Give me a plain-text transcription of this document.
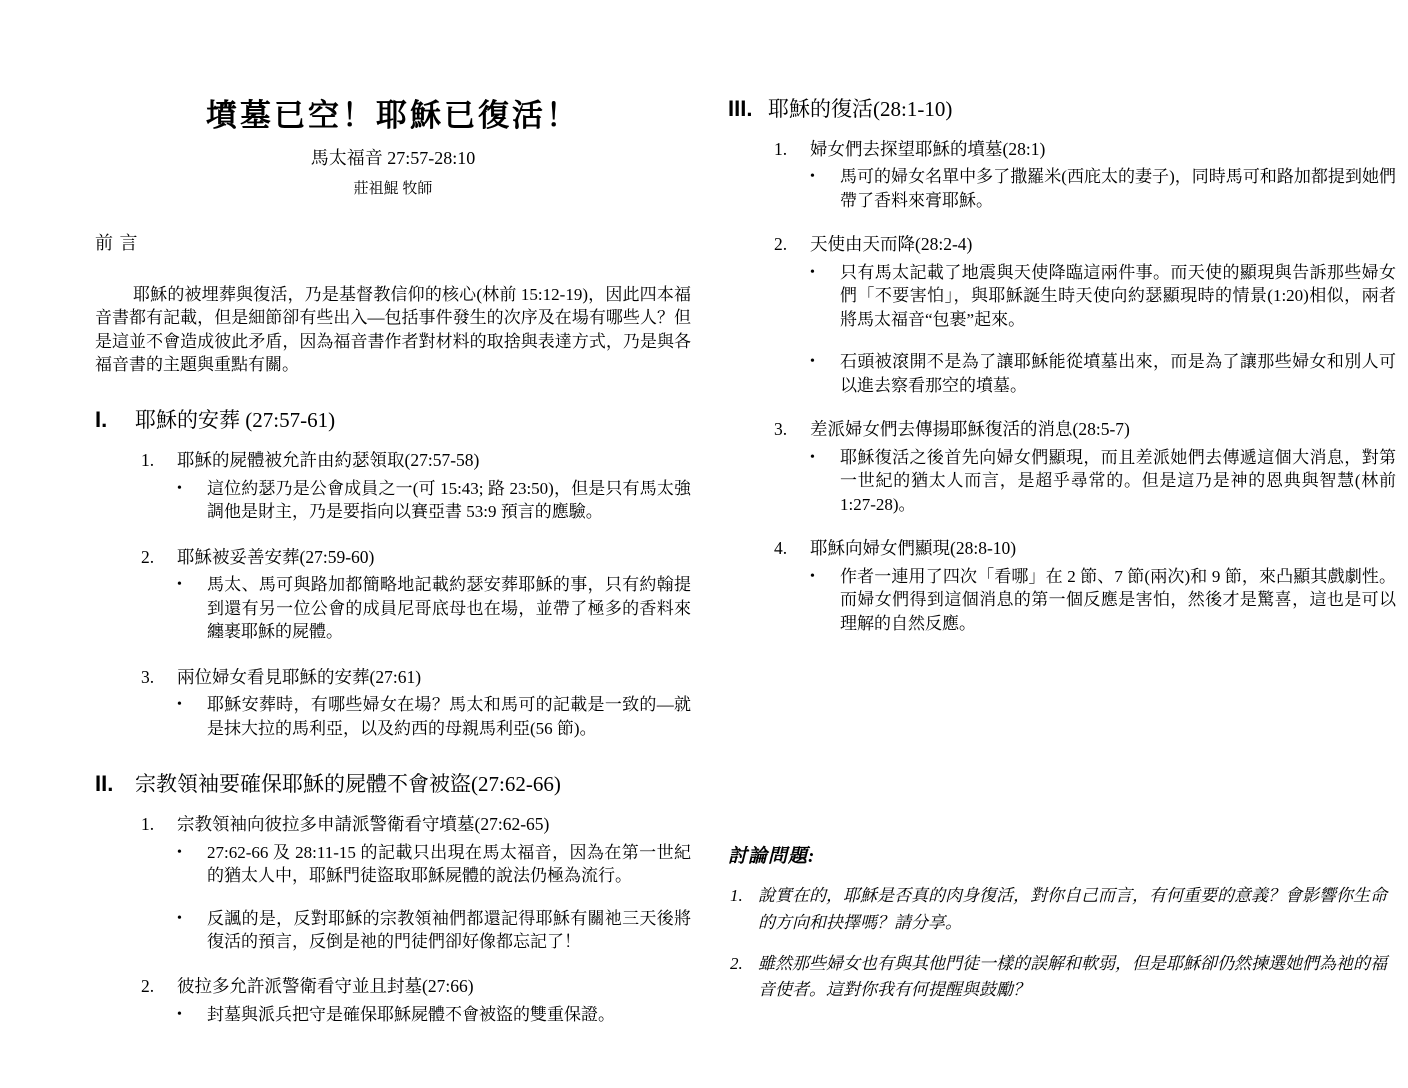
墳墓已空！耶穌已復活！
馬太福音 27:57-28:10
莊祖鯤 牧師
前 言
耶穌的被埋葬與復活，乃是基督教信仰的核心(林前 15:12-19)，因此四本福音書都有記載，但是細節卻有些出入—包括事件發生的次序及在場有哪些人？但是這並不會造成彼此矛盾，因為福音書作者對材料的取捨與表達方式，乃是與各福音書的主題與重點有關。
I.	耶穌的安葬 (27:57-61)
1.	耶穌的屍體被允許由約瑟領取(27:57-58)
•	這位約瑟乃是公會成員之一(可 15:43; 路 23:50)，但是只有馬太強調他是財主，乃是要指向以賽亞書 53:9 預言的應驗。
2.	耶穌被妥善安葬(27:59-60)
•	馬太、馬可與路加都簡略地記載約瑟安葬耶穌的事，只有約翰提到還有另一位公會的成員尼哥底母也在場，並帶了極多的香料來纏裹耶穌的屍體。
3.	兩位婦女看見耶穌的安葬(27:61)
•	耶穌安葬時，有哪些婦女在場？馬太和馬可的記載是一致的—就是抹大拉的馬利亞，以及約西的母親馬利亞(56 節)。
II.	宗教領袖要確保耶穌的屍體不會被盜(27:62-66)
1.	宗教領袖向彼拉多申請派警衛看守墳墓(27:62-65)
•	27:62-66 及 28:11-15 的記載只出現在馬太福音，因為在第一世紀的猶太人中，耶穌門徒盜取耶穌屍體的說法仍極為流行。
•	反諷的是，反對耶穌的宗教領袖們都還記得耶穌有關祂三天後將復活的預言，反倒是祂的門徒們卻好像都忘記了！
2.	彼拉多允許派警衛看守並且封墓(27:66)
•	封墓與派兵把守是確保耶穌屍體不會被盜的雙重保證。
III. 耶穌的復活(28:1-10)
1.	婦女們去探望耶穌的墳墓(28:1)
•	馬可的婦女名單中多了撒羅米(西庇太的妻子)，同時馬可和路加都提到她們帶了香料來膏耶穌。
2.	天使由天而降(28:2-4)
•	只有馬太記載了地震與天使降臨這兩件事。而天使的顯現與告訴那些婦女們「不要害怕」，與耶穌誕生時天使向約瑟顯現時的情景(1:20)相似，兩者將馬太福音“包裹”起來。
•	石頭被滾開不是為了讓耶穌能從墳墓出來，而是為了讓那些婦女和別人可以進去察看那空的墳墓。
3.	差派婦女們去傳揚耶穌復活的消息(28:5-7)
•	耶穌復活之後首先向婦女們顯現，而且差派她們去傳遞這個大消息，對第一世紀的猶太人而言，是超乎尋常的。但是這乃是神的恩典與智慧(林前 1:27-28)。
4.	耶穌向婦女們顯現(28:8-10)
•	作者一連用了四次「看哪」在 2 節、7 節(兩次)和 9 節，來凸顯其戲劇性。 而婦女們得到這個消息的第一個反應是害怕，然後才是驚喜，這也是可以理解的自然反應。
討論問題:
1. 說實在的，耶穌是否真的肉身復活，對你自己而言，有何重要的意義？會影響你生命的方向和抉擇嗎？請分享。
2. 雖然那些婦女也有與其他門徒一樣的誤解和軟弱，但是耶穌卻仍然揀選她們為祂的福音使者。這對你我有何提醒與鼓勵？
